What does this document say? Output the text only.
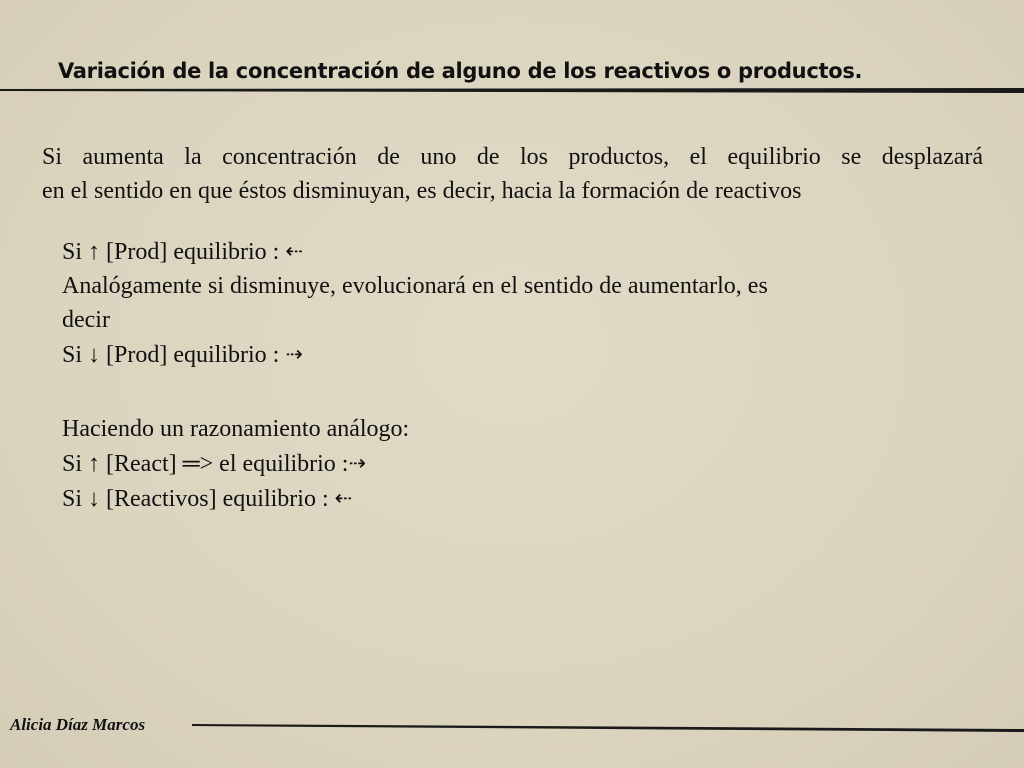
Variación de la concentración de alguno de los reactivos o productos.

Si aumenta la concentración de uno de los productos, el equilibrio se desplazará
en el sentido en que éstos disminuyan, es decir, hacia la formación de reactivos

Si ↑ [Prod] equilibrio : ⇠
Analógamente si disminuye, evolucionará en el sentido de aumentarlo, es
decir
Si ↓ [Prod] equilibrio : ⇢
Haciendo un razonamiento análogo:
Si ↑ [React] ═> el equilibrio :⇢
Si ↓ [Reactivos] equilibrio : ⇠
Alicia Díaz Marcos
